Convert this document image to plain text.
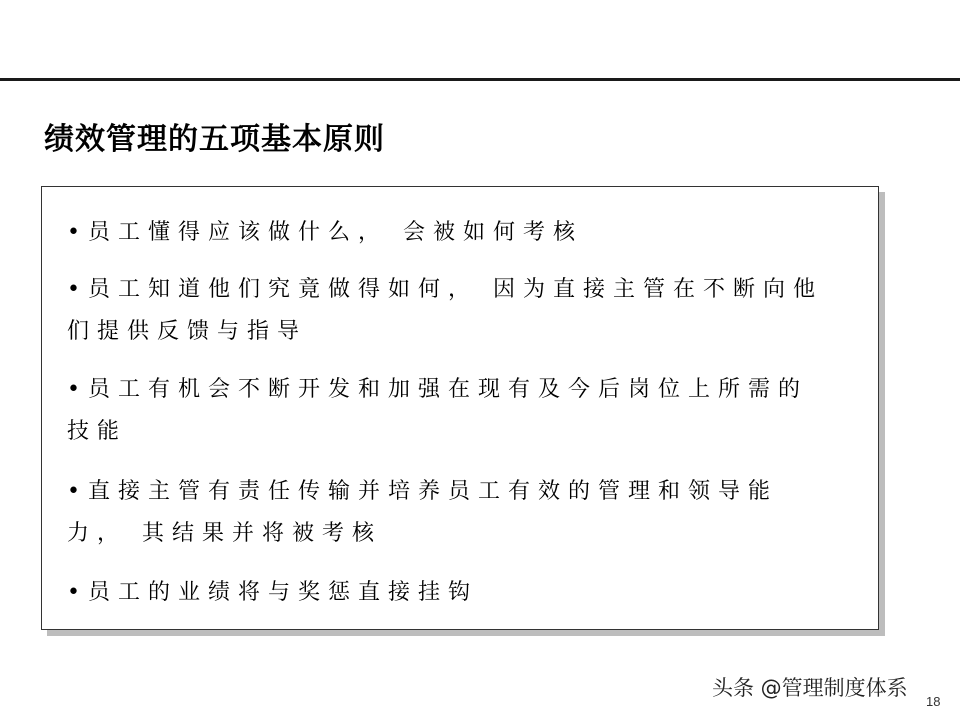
绩效管理的五项基本原则
•员工懂得应该做什么， 会被如何考核
•员工知道他们究竟做得如何， 因为直接主管在不断向他们提供反馈与指导
•员工有机会不断开发和加强在现有及今后岗位上所需的技能
•直接主管有责任传输并培养员工有效的管理和领导能力， 其结果并将被考核
•员工的业绩将与奖惩直接挂钩
头条 @管理制度体系
18
